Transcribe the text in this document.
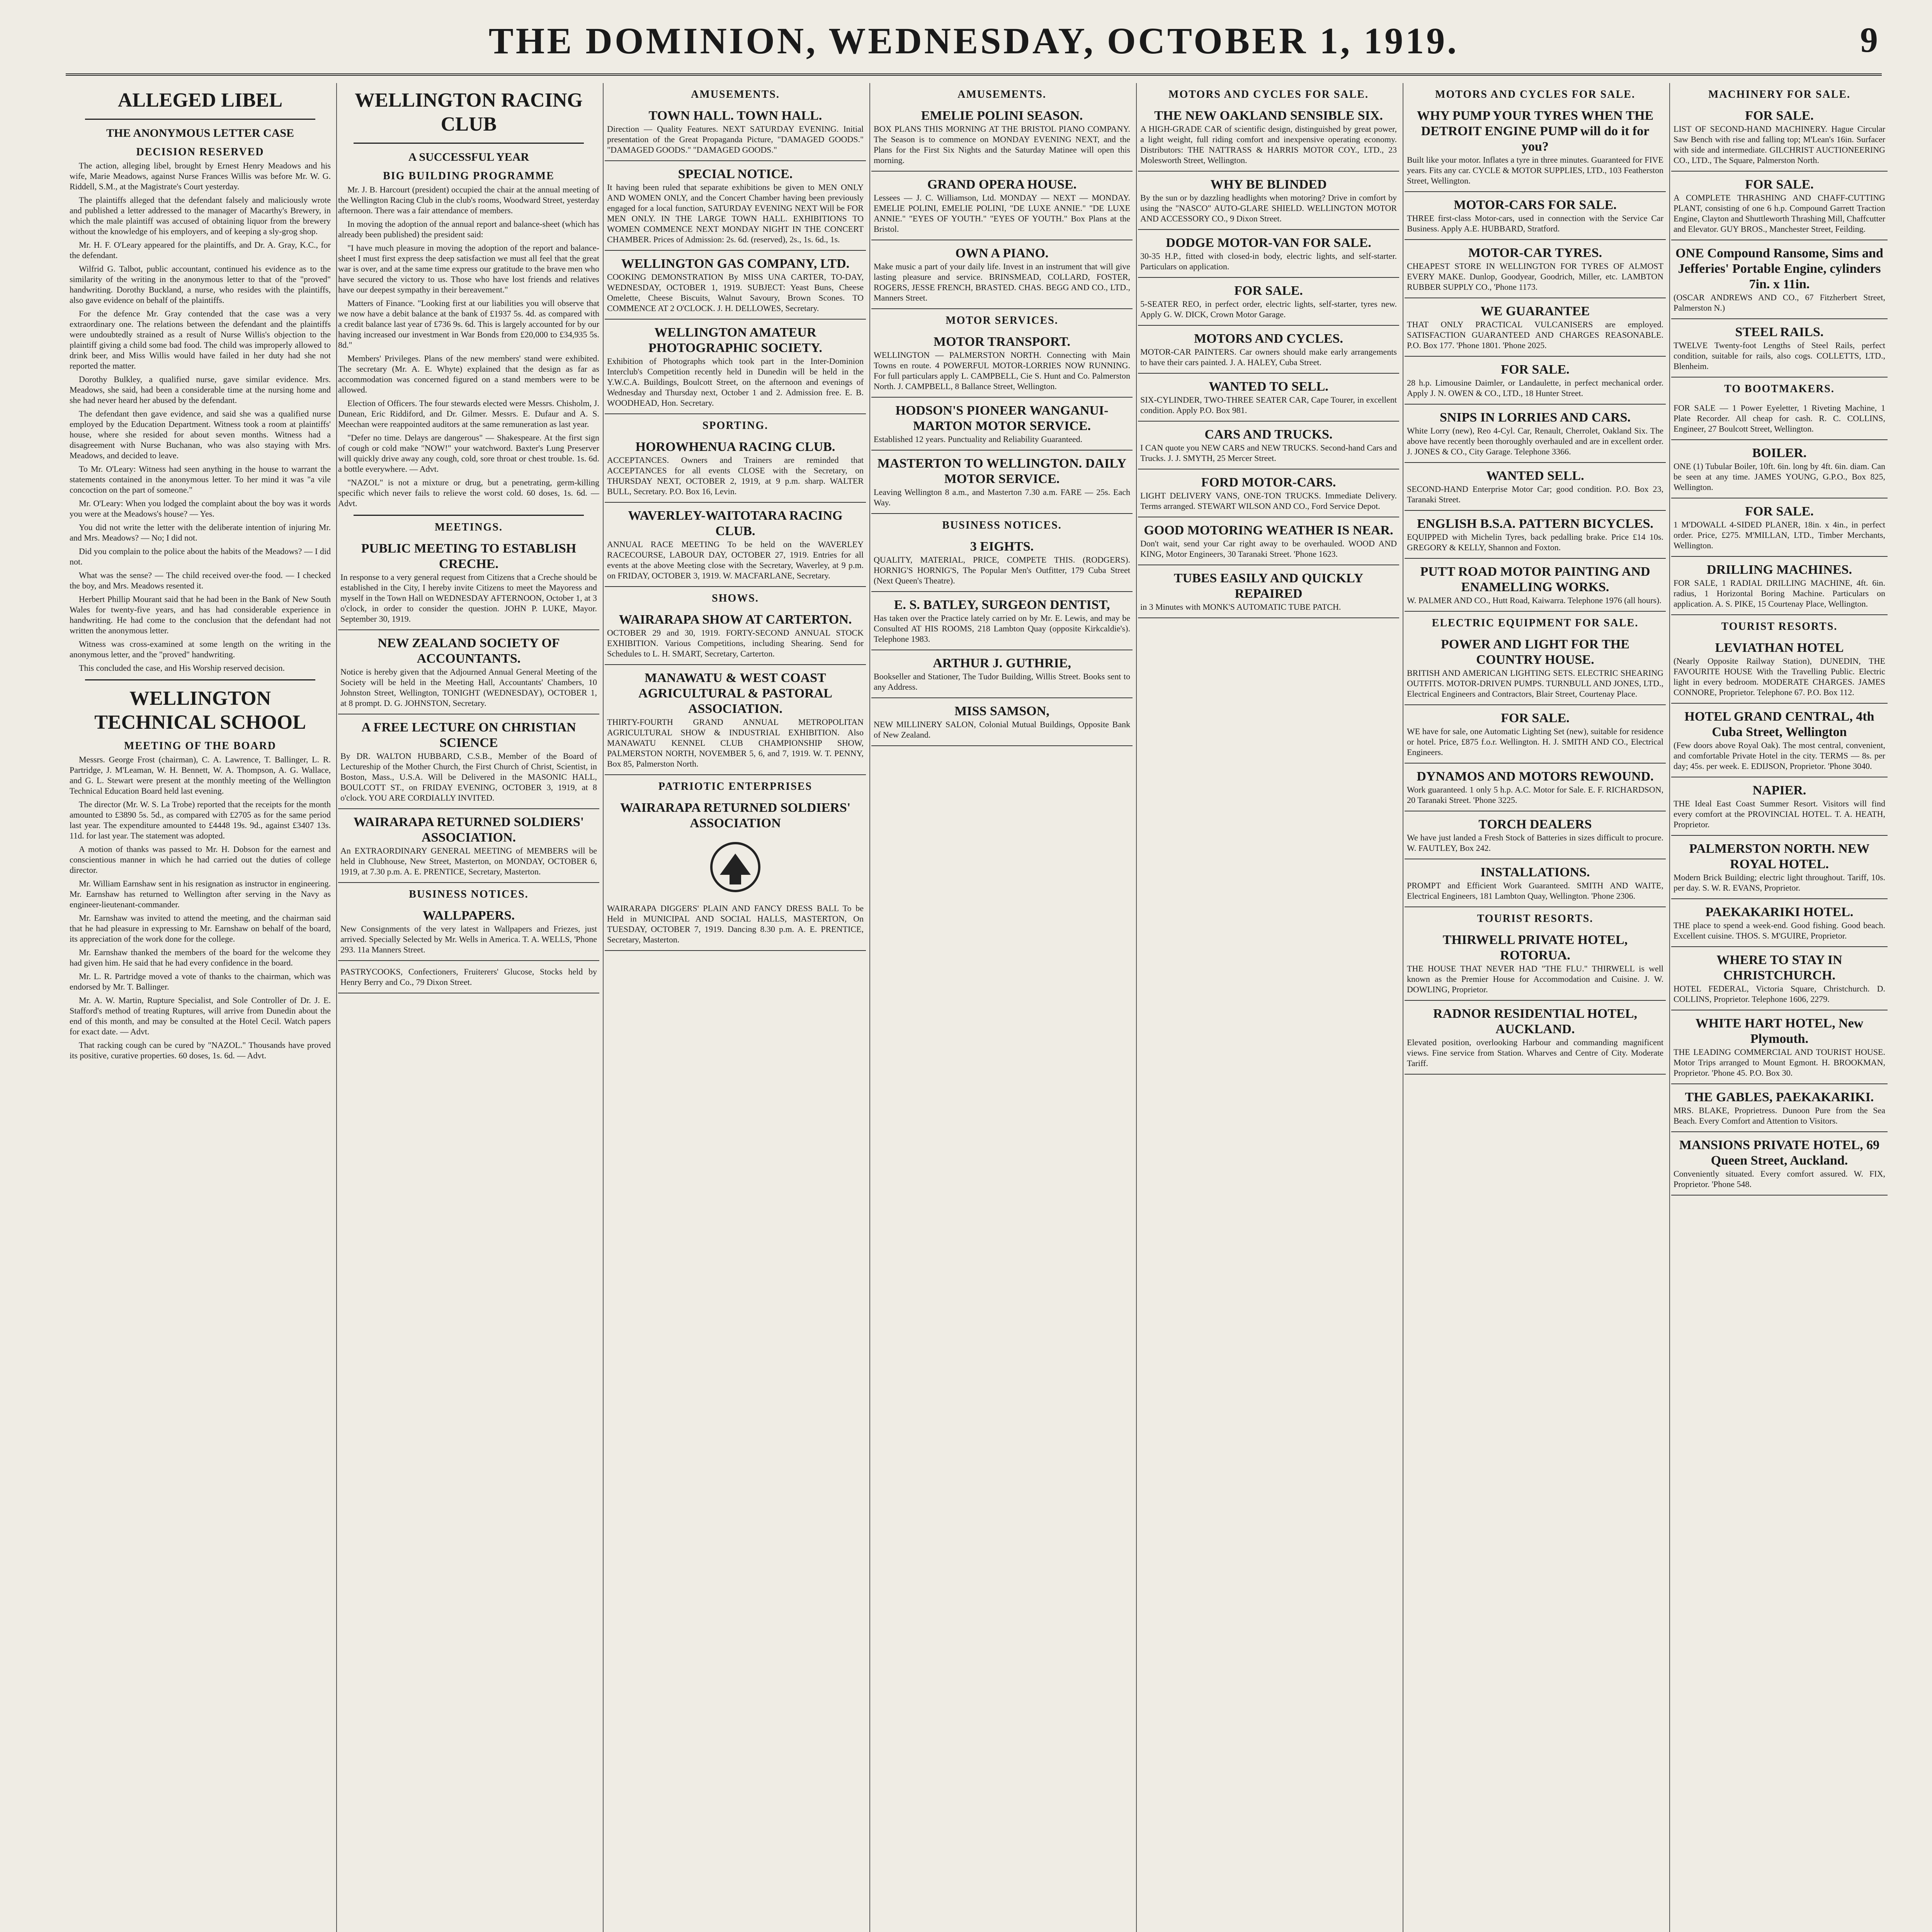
THE DOMINION, WEDNESDAY, OCTOBER 1, 1919.	9
ALLEGED LIBEL
THE ANONYMOUS LETTER CASE
DECISION RESERVED

The action, alleging libel, brought by Ernest Henry Meadows and his wife, Marie Meadows, against Nurse Frances Willis was before Mr. W. G. Riddell, S.M., at the Magistrate's Court yesterday.

The plaintiffs alleged that the defendant falsely and maliciously wrote and published a letter addressed to the manager of Macarthy's Brewery, in which the male plaintiff was accused of obtaining liquor from the brewery without the knowledge of his employers, and of keeping a sly-grog shop.

Mr. H. F. O'Leary appeared for the plaintiffs, and Dr. A. Gray, K.C., for the defendant.

Wilfrid G. Talbot, public accountant, continued his evidence as to the similarity of the writing in the anonymous letter to that of the "proved" handwriting. Dorothy Buckland, a nurse, who resides with the plaintiffs, also gave evidence on behalf of the plaintiffs.

For the defence Mr. Gray contended that the case was a very extraordinary one. The relations between the defendant and the plaintiffs were undoubtedly strained as a result of Nurse Willis's objection to the plaintiff giving a child some bad food. The child was improperly allowed to drink beer, and Miss Willis would have failed in her duty had she not reported the matter.

Dorothy Bulkley, a qualified nurse, gave similar evidence. Mrs. Meadows, she said, had been a considerable time at the nursing home and she had never heard her abused by the defendant.

The defendant then gave evidence, and said she was a qualified nurse employed by the Education Department. Witness took a room at plaintiffs' house, where she resided for about seven months. Witness had a disagreement with Nurse Buchanan, who was also staying with Mrs. Meadows, and decided to leave.

To Mr. O'Leary: Witness had seen anything in the house to warrant the statements contained in the anonymous letter. To her mind it was "a vile concoction on the part of someone."

Mr. O'Leary: When you lodged the complaint about the boy was it words you were at the Meadows's house? — Yes.

You did not write the letter with the deliberate intention of injuring Mr. and Mrs. Meadows? — No; I did not.

Did you complain to the police about the habits of the Meadows? — I did not.

What was the sense? — The child received over-the food. — I checked the boy, and Mrs. Meadows resented it.

Herbert Phillip Mourant said that he had been in the Bank of New South Wales for twenty-five years, and has had considerable experience in handwriting. He had come to the conclusion that the defendant had not written the anonymous letter.

Witness was cross-examined at some length on the writing in the anonymous letter, and the "proved" handwriting.

This concluded the case, and His Worship reserved decision.

WELLINGTON TECHNICAL SCHOOL
MEETING OF THE BOARD

Messrs. George Frost (chairman), C. A. Lawrence, T. Ballinger, L. R. Partridge, J. M'Leaman, W. H. Bennett, W. A. Thompson, A. G. Wallace, and G. L. Stewart were present at the monthly meeting of the Wellington Technical Education Board held last evening.

The director (Mr. W. S. La Trobe) reported that the receipts for the month amounted to £3890 5s. 5d., as compared with £2705 as for the same period last year. The expenditure amounted to £4448 19s. 9d., against £3407 13s. 11d. for last year. The statement was adopted.

A motion of thanks was passed to Mr. H. Dobson for the earnest and conscientious manner in which he had carried out the duties of college director.

Mr. William Earnshaw sent in his resignation as instructor in engineering. Mr. Earnshaw has returned to Wellington after serving in the Navy as engineer-lieutenant-commander.

Mr. Earnshaw was invited to attend the meeting, and the chairman said that he had pleasure in expressing to Mr. Earnshaw on behalf of the board, its appreciation of the work done for the college.

Mr. Earnshaw thanked the members of the board for the welcome they had given him. He said that he had every confidence in the board.

Mr. L. R. Partridge moved a vote of thanks to the chairman, which was endorsed by Mr. T. Ballinger.

Mr. A. W. Martin, Rupture Specialist, and Sole Controller of Dr. J. E. Stafford's method of treating Ruptures, will arrive from Dunedin about the end of this month, and may be consulted at the Hotel Cecil. Watch papers for exact date. — Advt.

That racking cough can be cured by "NAZOL." Thousands have proved its positive, curative properties. 60 doses, 1s. 6d. — Advt.

WELLINGTON RACING CLUB
A SUCCESSFUL YEAR
BIG BUILDING PROGRAMME

Mr. J. B. Harcourt (president) occupied the chair at the annual meeting of the Wellington Racing Club in the club's rooms, Woodward Street, yesterday afternoon. There was a fair attendance of members.

In moving the adoption of the annual report and balance-sheet (which has already been published) the president said:

"I have much pleasure in moving the adoption of the report and balance-sheet I must first express the deep satisfaction we must all feel that the great war is over, and at the same time express our gratitude to the brave men who have secured the victory to us. Those who have lost friends and relatives have our deepest sympathy in their bereavement."

Matters of Finance. "Looking first at our liabilities you will observe that we now have a debit balance at the bank of £1937 5s. 4d. as compared with a credit balance last year of £736 9s. 6d. This is largely accounted for by our having increased our investment in War Bonds from £20,000 to £34,935 5s. 8d."

Members' Privileges. Plans of the new members' stand were exhibited. The secretary (Mr. A. E. Whyte) explained that the design as far as accommodation was concerned figured on a stand members were to be allowed.

Election of Officers. The four stewards elected were Messrs. Chisholm, J. Dunean, Eric Riddiford, and Dr. Gilmer. Messrs. E. Dufaur and A. S. Meechan were reappointed auditors at the same remuneration as last year.

"Defer no time. Delays are dangerous" — Shakespeare. At the first sign of cough or cold make "NOW!" your watchword. Baxter's Lung Preserver will quickly drive away any cough, cold, sore throat or chest trouble. 1s. 6d. a bottle everywhere. — Advt.

"NAZOL" is not a mixture or drug, but a penetrating, germ-killing specific which never fails to relieve the worst cold. 60 doses, 1s. 6d. — Advt.

MEETINGS.
PUBLIC MEETING TO ESTABLISH CRECHE.
In response to a very general request from Citizens that a Creche should be established in the City, I hereby invite Citizens to meet the Mayoress and myself in the Town Hall on WEDNESDAY AFTERNOON, October 1, at 3 o'clock, in order to consider the question. JOHN P. LUKE, Mayor. September 30, 1919.
NEW ZEALAND SOCIETY OF ACCOUNTANTS.
Notice is hereby given that the Adjourned Annual General Meeting of the Society will be held in the Meeting Hall, Accountants' Chambers, 10 Johnston Street, Wellington, TONIGHT (WEDNESDAY), OCTOBER 1, at 8 prompt. D. G. JOHNSTON, Secretary.
A FREE LECTURE ON CHRISTIAN SCIENCE
By DR. WALTON HUBBARD, C.S.B., Member of the Board of Lectureship of the Mother Church, the First Church of Christ, Scientist, in Boston, Mass., U.S.A. Will be Delivered in the MASONIC HALL, BOULCOTT ST., on FRIDAY EVENING, OCTOBER 3, 1919, at 8 o'clock. YOU ARE CORDIALLY INVITED.
WAIRARAPA RETURNED SOLDIERS' ASSOCIATION.
An EXTRAORDINARY GENERAL MEETING of MEMBERS will be held in Clubhouse, New Street, Masterton, on MONDAY, OCTOBER 6, 1919, at 7.30 p.m. A. E. PRENTICE, Secretary, Masterton.
BUSINESS NOTICES.
WALLPAPERS.
New Consignments of the very latest in Wallpapers and Friezes, just arrived. Specially Selected by Mr. Wells in America. T. A. WELLS, 'Phone 293. 11a Manners Street.
PASTRYCOOKS, Confectioners, Fruiterers' Glucose, Stocks held by Henry Berry and Co., 79 Dixon Street.
AMUSEMENTS.
TOWN HALL. TOWN HALL.
Direction — Quality Features. NEXT SATURDAY EVENING. Initial presentation of the Great Propaganda Picture, "DAMAGED GOODS." "DAMAGED GOODS." "DAMAGED GOODS."
SPECIAL NOTICE.
It having been ruled that separate exhibitions be given to MEN ONLY AND WOMEN ONLY, and the Concert Chamber having been previously engaged for a local function, SATURDAY EVENING NEXT Will be FOR MEN ONLY. IN THE LARGE TOWN HALL. EXHIBITIONS TO WOMEN COMMENCE NEXT MONDAY NIGHT IN THE CONCERT CHAMBER. Prices of Admission: 2s. 6d. (reserved), 2s., 1s. 6d., 1s.
WELLINGTON GAS COMPANY, LTD.
COOKING DEMONSTRATION By MISS UNA CARTER, TO-DAY, WEDNESDAY, OCTOBER 1, 1919. SUBJECT: Yeast Buns, Cheese Omelette, Cheese Biscuits, Walnut Savoury, Brown Scones. TO COMMENCE AT 2 O'CLOCK. J. H. DELLOWES, Secretary.
WELLINGTON AMATEUR PHOTOGRAPHIC SOCIETY.
Exhibition of Photographs which took part in the Inter-Dominion Interclub's Competition recently held in Dunedin will be held in the Y.W.C.A. Buildings, Boulcott Street, on the afternoon and evenings of Wednesday and Thursday next, October 1 and 2. Admission free. E. B. WOODHEAD, Hon. Secretary.
SPORTING.
HOROWHENUA RACING CLUB.
ACCEPTANCES. Owners and Trainers are reminded that ACCEPTANCES for all events CLOSE with the Secretary, on THURSDAY NEXT, OCTOBER 2, 1919, at 9 p.m. sharp. WALTER BULL, Secretary. P.O. Box 16, Levin.
WAVERLEY-WAITOTARA RACING CLUB.
ANNUAL RACE MEETING To be held on the WAVERLEY RACECOURSE, LABOUR DAY, OCTOBER 27, 1919. Entries for all events at the above Meeting close with the Secretary, Waverley, at 9 p.m. on FRIDAY, OCTOBER 3, 1919. W. MACFARLANE, Secretary.
SHOWS.
WAIRARAPA SHOW AT CARTERTON.
OCTOBER 29 and 30, 1919. FORTY-SECOND ANNUAL STOCK EXHIBITION. Various Competitions, including Shearing. Send for Schedules to L. H. SMART, Secretary, Carterton.
MANAWATU & WEST COAST AGRICULTURAL & PASTORAL ASSOCIATION.
THIRTY-FOURTH GRAND ANNUAL METROPOLITAN AGRICULTURAL SHOW & INDUSTRIAL EXHIBITION. Also MANAWATU KENNEL CLUB CHAMPIONSHIP SHOW, PALMERSTON NORTH, NOVEMBER 5, 6, and 7, 1919. W. T. PENNY, Box 85, Palmerston North.
PATRIOTIC ENTERPRISES
WAIRARAPA RETURNED SOLDIERS' ASSOCIATION
WAIRARAPA DIGGERS' PLAIN AND FANCY DRESS BALL To be Held in MUNICIPAL AND SOCIAL HALLS, MASTERTON, On TUESDAY, OCTOBER 7, 1919. Dancing 8.30 p.m. A. E. PRENTICE, Secretary, Masterton.
AMUSEMENTS.
EMELIE POLINI SEASON.
BOX PLANS THIS MORNING AT THE BRISTOL PIANO COMPANY. The Season is to commence on MONDAY EVENING NEXT, and the Plans for the First Six Nights and the Saturday Matinee will open this morning.
GRAND OPERA HOUSE.
Lessees — J. C. Williamson, Ltd. MONDAY — NEXT — MONDAY. EMELIE POLINI, EMELIE POLINI, "DE LUXE ANNIE." "DE LUXE ANNIE." "EYES OF YOUTH." "EYES OF YOUTH." Box Plans at the Bristol.
OWN A PIANO.
Make music a part of your daily life. Invest in an instrument that will give lasting pleasure and service. BRINSMEAD, COLLARD, FOSTER, ROGERS, JESSE FRENCH, BRASTED. CHAS. BEGG AND CO., LTD., Manners Street.
MOTOR SERVICES.
MOTOR TRANSPORT.
WELLINGTON — PALMERSTON NORTH. Connecting with Main Towns en route. 4 POWERFUL MOTOR-LORRIES NOW RUNNING. For full particulars apply L. CAMPBELL, Cie S. Hunt and Co. Palmerston North. J. CAMPBELL, 8 Ballance Street, Wellington.
HODSON'S PIONEER WANGANUI-MARTON MOTOR SERVICE.
Established 12 years. Punctuality and Reliability Guaranteed.
MASTERTON TO WELLINGTON. DAILY MOTOR SERVICE.
Leaving Wellington 8 a.m., and Masterton 7.30 a.m. FARE — 25s. Each Way.
BUSINESS NOTICES.
3 EIGHTS.
QUALITY, MATERIAL, PRICE, COMPETE THIS. (RODGERS). HORNIG'S HORNIG'S, The Popular Men's Outfitter, 179 Cuba Street (Next Queen's Theatre).
E. S. BATLEY, SURGEON DENTIST,
Has taken over the Practice lately carried on by Mr. E. Lewis, and may be Consulted AT HIS ROOMS, 218 Lambton Quay (opposite Kirkcaldie's). Telephone 1983.
ARTHUR J. GUTHRIE,
Bookseller and Stationer, The Tudor Building, Willis Street. Books sent to any Address.
MISS SAMSON,
NEW MILLINERY SALON, Colonial Mutual Buildings, Opposite Bank of New Zealand.
MOTORS AND CYCLES FOR SALE.
THE NEW OAKLAND SENSIBLE SIX.
A HIGH-GRADE CAR of scientific design, distinguished by great power, a light weight, full riding comfort and inexpensive operating economy. Distributors: THE NATTRASS & HARRIS MOTOR COY., LTD., 23 Molesworth Street, Wellington.
WHY BE BLINDED
By the sun or by dazzling headlights when motoring? Drive in comfort by using the "NASCO" AUTO-GLARE SHIELD. WELLINGTON MOTOR AND ACCESSORY CO., 9 Dixon Street.
DODGE MOTOR-VAN FOR SALE.
30-35 H.P., fitted with closed-in body, electric lights, and self-starter. Particulars on application.
FOR SALE.
5-SEATER REO, in perfect order, electric lights, self-starter, tyres new. Apply G. W. DICK, Crown Motor Garage.
MOTORS AND CYCLES.
MOTOR-CAR PAINTERS. Car owners should make early arrangements to have their cars painted. J. A. HALEY, Cuba Street.
WANTED TO SELL.
SIX-CYLINDER, TWO-THREE SEATER CAR, Cape Tourer, in excellent condition. Apply P.O. Box 981.
CARS AND TRUCKS.
I CAN quote you NEW CARS and NEW TRUCKS. Second-hand Cars and Trucks. J. J. SMYTH, 25 Mercer Street.
FORD MOTOR-CARS.
LIGHT DELIVERY VANS, ONE-TON TRUCKS. Immediate Delivery. Terms arranged. STEWART WILSON AND CO., Ford Service Depot.
GOOD MOTORING WEATHER IS NEAR.
Don't wait, send your Car right away to be overhauled. WOOD AND KING, Motor Engineers, 30 Taranaki Street. 'Phone 1623.
TUBES EASILY AND QUICKLY REPAIRED
in 3 Minutes with MONK'S AUTOMATIC TUBE PATCH.
MOTORS AND CYCLES FOR SALE.
WHY PUMP YOUR TYRES WHEN THE DETROIT ENGINE PUMP will do it for you?
Built like your motor. Inflates a tyre in three minutes. Guaranteed for FIVE years. Fits any car. CYCLE & MOTOR SUPPLIES, LTD., 103 Featherston Street, Wellington.
MOTOR-CARS FOR SALE.
THREE first-class Motor-cars, used in connection with the Service Car Business. Apply A.E. HUBBARD, Stratford.
MOTOR-CAR TYRES.
CHEAPEST STORE IN WELLINGTON FOR TYRES OF ALMOST EVERY MAKE. Dunlop, Goodyear, Goodrich, Miller, etc. LAMBTON RUBBER SUPPLY CO., 'Phone 1173.
WE GUARANTEE
THAT ONLY PRACTICAL VULCANISERS are employed. SATISFACTION GUARANTEED AND CHARGES REASONABLE. P.O. Box 177. 'Phone 1801. 'Phone 2025.
FOR SALE.
28 h.p. Limousine Daimler, or Landaulette, in perfect mechanical order. Apply J. N. OWEN & CO., LTD., 18 Hunter Street.
SNIPS IN LORRIES AND CARS.
White Lorry (new), Reo 4-Cyl. Car, Renault, Cherrolet, Oakland Six. The above have recently been thoroughly overhauled and are in excellent order. J. JONES & CO., City Garage. Telephone 3366.
WANTED SELL.
SECOND-HAND Enterprise Motor Car; good condition. P.O. Box 23, Taranaki Street.
ENGLISH B.S.A. PATTERN BICYCLES.
EQUIPPED with Michelin Tyres, back pedalling brake. Price £14 10s. GREGORY & KELLY, Shannon and Foxton.
PUTT ROAD MOTOR PAINTING AND ENAMELLING WORKS.
W. PALMER AND CO., Hutt Road, Kaiwarra. Telephone 1976 (all hours).
ELECTRIC EQUIPMENT FOR SALE.
POWER AND LIGHT FOR THE COUNTRY HOUSE.
BRITISH AND AMERICAN LIGHTING SETS. ELECTRIC SHEARING OUTFITS. MOTOR-DRIVEN PUMPS. TURNBULL AND JONES, LTD., Electrical Engineers and Contractors, Blair Street, Courtenay Place.
FOR SALE.
WE have for sale, one Automatic Lighting Set (new), suitable for residence or hotel. Price, £875 f.o.r. Wellington. H. J. SMITH AND CO., Electrical Engineers.
DYNAMOS AND MOTORS REWOUND.
Work guaranteed. 1 only 5 h.p. A.C. Motor for Sale. E. F. RICHARDSON, 20 Taranaki Street. 'Phone 3225.
TORCH DEALERS
We have just landed a Fresh Stock of Batteries in sizes difficult to procure. W. FAUTLEY, Box 242.
INSTALLATIONS.
PROMPT and Efficient Work Guaranteed. SMITH AND WAITE, Electrical Engineers, 181 Lambton Quay, Wellington. 'Phone 2306.
TOURIST RESORTS.
THIRWELL PRIVATE HOTEL, ROTORUA.
THE HOUSE THAT NEVER HAD "THE FLU." THIRWELL is well known as the Premier House for Accommodation and Cuisine. J. W. DOWLING, Proprietor.
RADNOR RESIDENTIAL HOTEL, AUCKLAND.
Elevated position, overlooking Harbour and commanding magnificent views. Fine service from Station. Wharves and Centre of City. Moderate Tariff.
MACHINERY FOR SALE.
FOR SALE.
LIST OF SECOND-HAND MACHINERY. Hague Circular Saw Bench with rise and falling top; M'Lean's 16in. Surfacer with side and intermediate. GILCHRIST AUCTIONEERING CO., LTD., The Square, Palmerston North.
FOR SALE.
A COMPLETE THRASHING AND CHAFF-CUTTING PLANT, consisting of one 6 h.p. Compound Garrett Traction Engine, Clayton and Shuttleworth Thrashing Mill, Chaffcutter and Elevator. GUY BROS., Manchester Street, Feilding.
ONE Compound Ransome, Sims and Jefferies' Portable Engine, cylinders 7in. x 11in.
(OSCAR ANDREWS AND CO., 67 Fitzherbert Street, Palmerston N.)
STEEL RAILS.
TWELVE Twenty-foot Lengths of Steel Rails, perfect condition, suitable for rails, also cogs. COLLETTS, LTD., Blenheim.
TO BOOTMAKERS.
FOR SALE — 1 Power Eyeletter, 1 Riveting Machine, 1 Plate Recorder. All cheap for cash. R. C. COLLINS, Engineer, 27 Boulcott Street, Wellington.
BOILER.
ONE (1) Tubular Boiler, 10ft. 6in. long by 4ft. 6in. diam. Can be seen at any time. JAMES YOUNG, G.P.O., Box 825, Wellington.
FOR SALE.
1 M'DOWALL 4-SIDED PLANER, 18in. x 4in., in perfect order. Price, £275. M'MILLAN, LTD., Timber Merchants, Wellington.
DRILLING MACHINES.
FOR SALE, 1 RADIAL DRILLING MACHINE, 4ft. 6in. radius, 1 Horizontal Boring Machine. Particulars on application. A. S. PIKE, 15 Courtenay Place, Wellington.
TOURIST RESORTS.
LEVIATHAN HOTEL
(Nearly Opposite Railway Station), DUNEDIN, THE FAVOURITE HOUSE With the Travelling Public. Electric light in every bedroom. MODERATE CHARGES. JAMES CONNORE, Proprietor. Telephone 67. P.O. Box 112.
HOTEL GRAND CENTRAL, 4th Cuba Street, Wellington
(Few doors above Royal Oak). The most central, convenient, and comfortable Private Hotel in the city. TERMS — 8s. per day; 45s. per week. E. EDIJSON, Proprietor. 'Phone 3040.
NAPIER.
THE Ideal East Coast Summer Resort. Visitors will find every comfort at the PROVINCIAL HOTEL. T. A. HEATH, Proprietor.
PALMERSTON NORTH. NEW ROYAL HOTEL.
Modern Brick Building; electric light throughout. Tariff, 10s. per day. S. W. R. EVANS, Proprietor.
PAEKAKARIKI HOTEL.
THE place to spend a week-end. Good fishing. Good beach. Excellent cuisine. THOS. S. M'GUIRE, Proprietor.
WHERE TO STAY IN CHRISTCHURCH.
HOTEL FEDERAL, Victoria Square, Christchurch. D. COLLINS, Proprietor. Telephone 1606, 2279.
WHITE HART HOTEL, New Plymouth.
THE LEADING COMMERCIAL AND TOURIST HOUSE. Motor Trips arranged to Mount Egmont. H. BROOKMAN, Proprietor. 'Phone 45. P.O. Box 30.
THE GABLES, PAEKAKARIKI.
MRS. BLAKE, Proprietress. Dunoon Pure from the Sea Beach. Every Comfort and Attention to Visitors.
MANSIONS PRIVATE HOTEL, 69 Queen Street, Auckland.
Conveniently situated. Every comfort assured. W. FIX, Proprietor. 'Phone 548.
